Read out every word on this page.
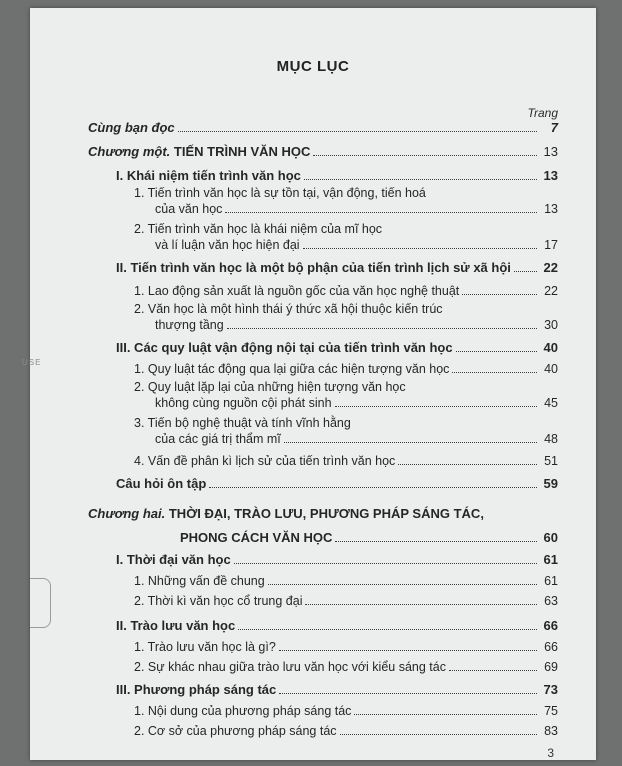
USE
MỤC LỤC
Trang
Cùng bạn đọc	7
Chương một. TIẾN TRÌNH VĂN HỌC	13
I. Khái niệm tiến trình văn học	13
1. Tiến trình văn học là sự tồn tại, vận động, tiến hoá
của văn học	13
2. Tiến trình văn học là khái niệm của mĩ học
và lí luận văn học hiện đại	17
II. Tiến trình văn học là một bộ phận của tiến trình lịch sử xã hội	22
1. Lao động sản xuất là nguồn gốc của văn học nghệ thuật	22
2. Văn học là một hình thái ý thức xã hội thuộc kiến trúc
thượng tầng	30
III. Các quy luật vận động nội tại của tiến trình văn học	40
1. Quy luật tác động qua lại giữa các hiện tượng văn học	40
2. Quy luật lặp lại của những hiện tượng văn học
không cùng nguồn cội phát sinh	45
3. Tiến bộ nghệ thuật và tính vĩnh hằng
của các giá trị thẩm mĩ	48
4. Vấn đề phân kì lịch sử của tiến trình văn học	51
Câu hỏi ôn tập	59
Chương hai. THỜI ĐẠI, TRÀO LƯU, PHƯƠNG PHÁP SÁNG TÁC,
PHONG CÁCH VĂN HỌC	60
I. Thời đại văn học	61
1. Những vấn đề chung	61
2. Thời kì văn học cổ trung đại	63
II. Trào lưu văn học	66
1. Trào lưu văn học là gì?	66
2. Sự khác nhau giữa trào lưu văn học với kiểu sáng tác	69
III. Phương pháp sáng tác	73
1. Nội dung của phương pháp sáng tác	75
2. Cơ sở của phương pháp sáng tác	83
3
